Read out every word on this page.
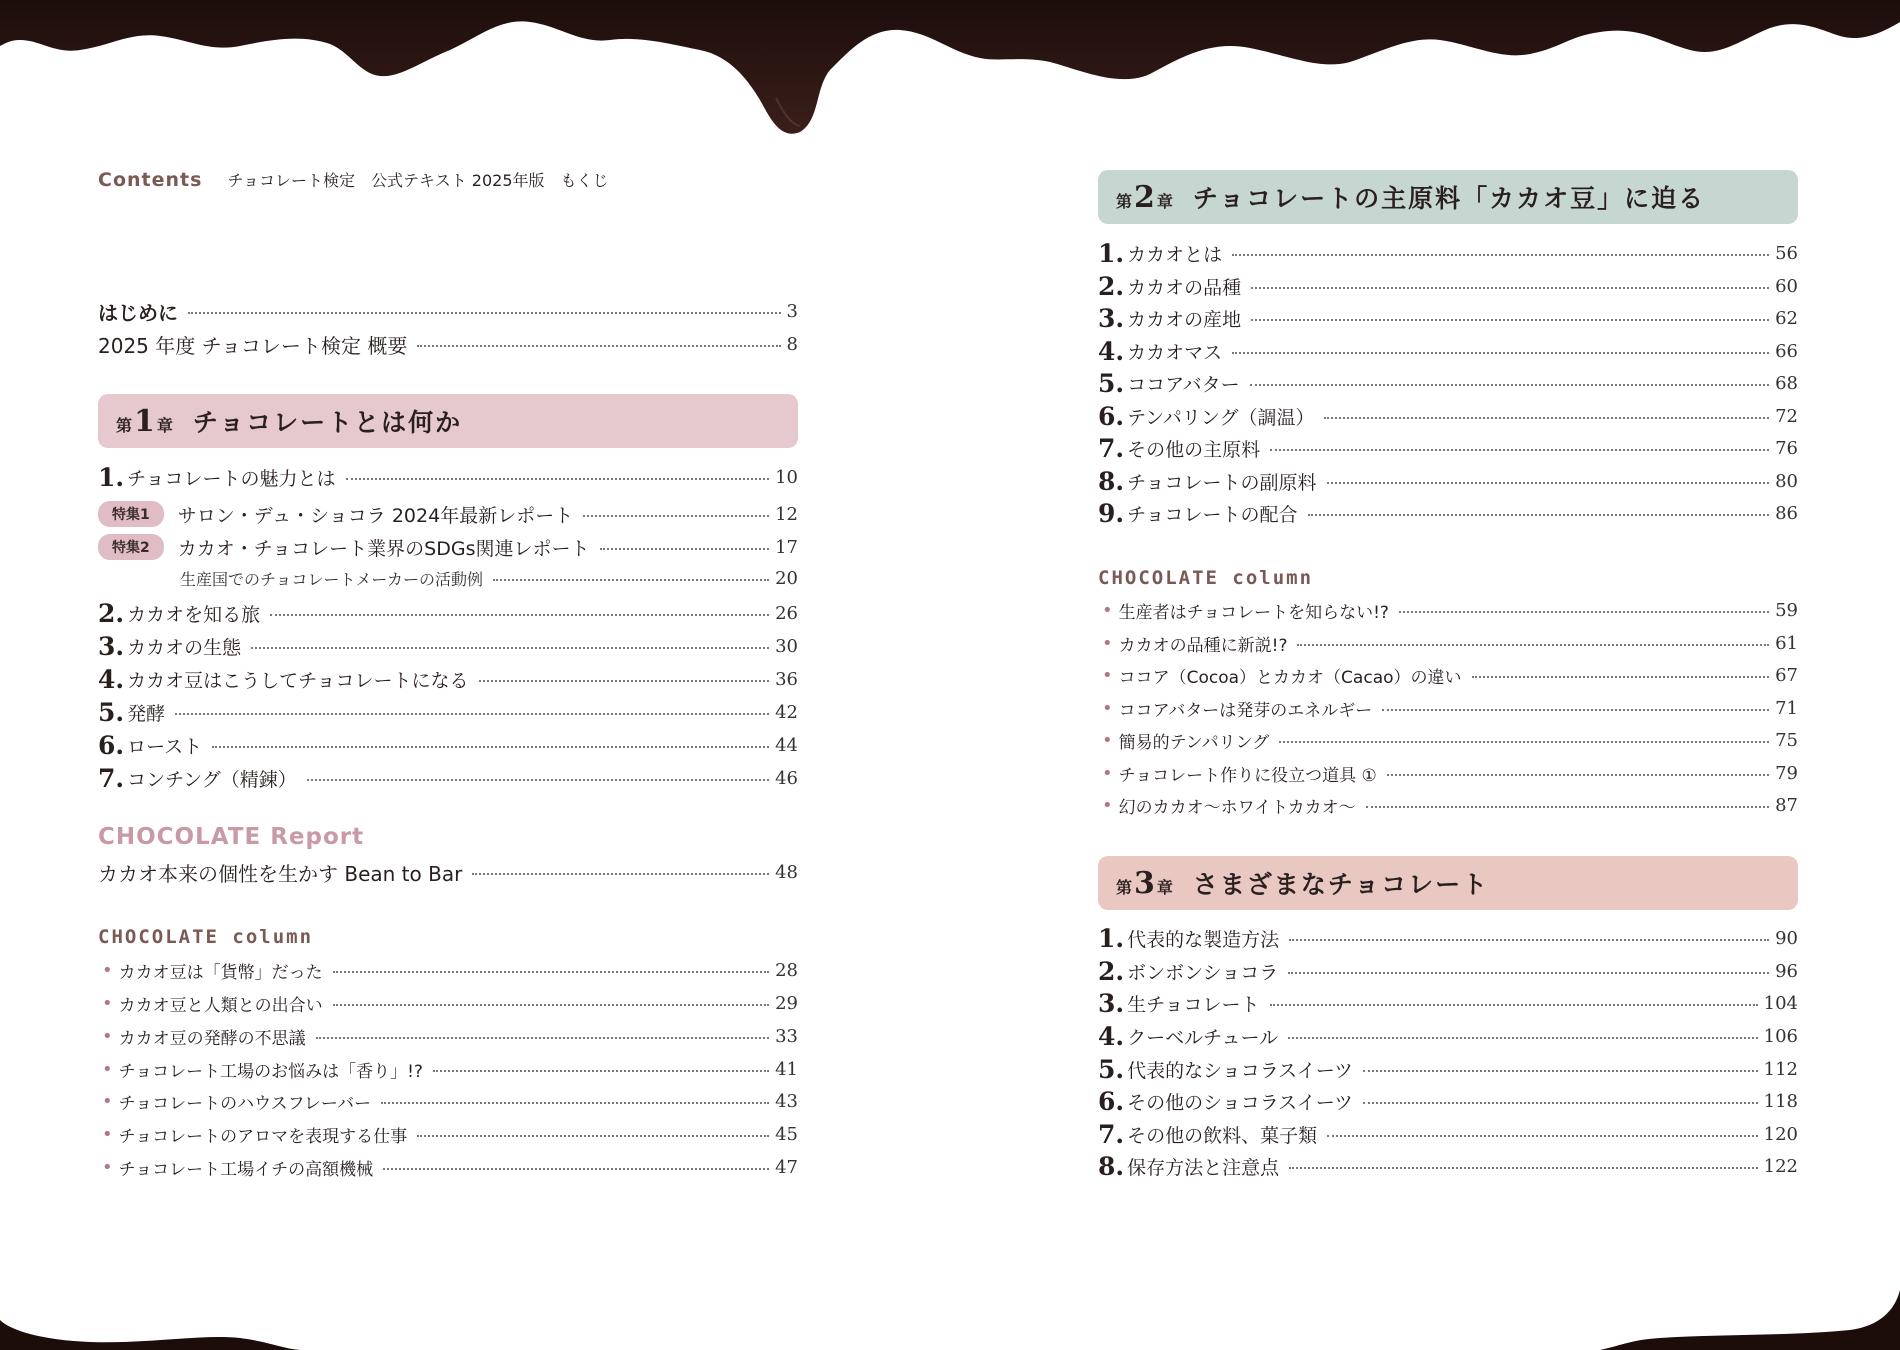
Contents チョコレート検定　公式テキスト 2025年版　もくじ
はじめに	3
2025 年度 チョコレート検定 概要	8
第 1 章 チョコレートとは何か
1. チョコレートの魅力とは	10
特集1	サロン・デュ・ショコラ 2024年最新レポート	12
特集2	カカオ・チョコレート業界のSDGs関連レポート	17
生産国でのチョコレートメーカーの活動例	20
2. カカオを知る旅	26
3. カカオの生態	30
4. カカオ豆はこうしてチョコレートになる	36
5. 発酵	42
6. ロースト	44
7. コンチング（精錬）	46
CHOCOLATE Report
カカオ本来の個性を生かす Bean to Bar	48
CHOCOLATE column
• カカオ豆は「貨幣」だった	28
• カカオ豆と人類との出合い	29
• カカオ豆の発酵の不思議	33
• チョコレート工場のお悩みは「香り」!?	41
• チョコレートのハウスフレーバー	43
• チョコレートのアロマを表現する仕事	45
• チョコレート工場イチの高額機械	47
第 2 章 チョコレートの主原料「カカオ豆」に迫る
1. カカオとは	56
2. カカオの品種	60
3. カカオの産地	62
4. カカオマス	66
5. ココアバター	68
6. テンパリング（調温）	72
7. その他の主原料	76
8. チョコレートの副原料	80
9. チョコレートの配合	86
CHOCOLATE column
• 生産者はチョコレートを知らない!?	59
• カカオの品種に新説!?	61
• ココア（Cocoa）とカカオ（Cacao）の違い	67
• ココアバターは発芽のエネルギー	71
• 簡易的テンパリング	75
• チョコレート作りに役立つ道具 ①	79
• 幻のカカオ〜ホワイトカカオ〜	87
第 3 章 さまざまなチョコレート
1. 代表的な製造方法	90
2. ボンボンショコラ	96
3. 生チョコレート	104
4. クーベルチュール	106
5. 代表的なショコラスイーツ	112
6. その他のショコラスイーツ	118
7. その他の飲料、菓子類	120
8. 保存方法と注意点	122
